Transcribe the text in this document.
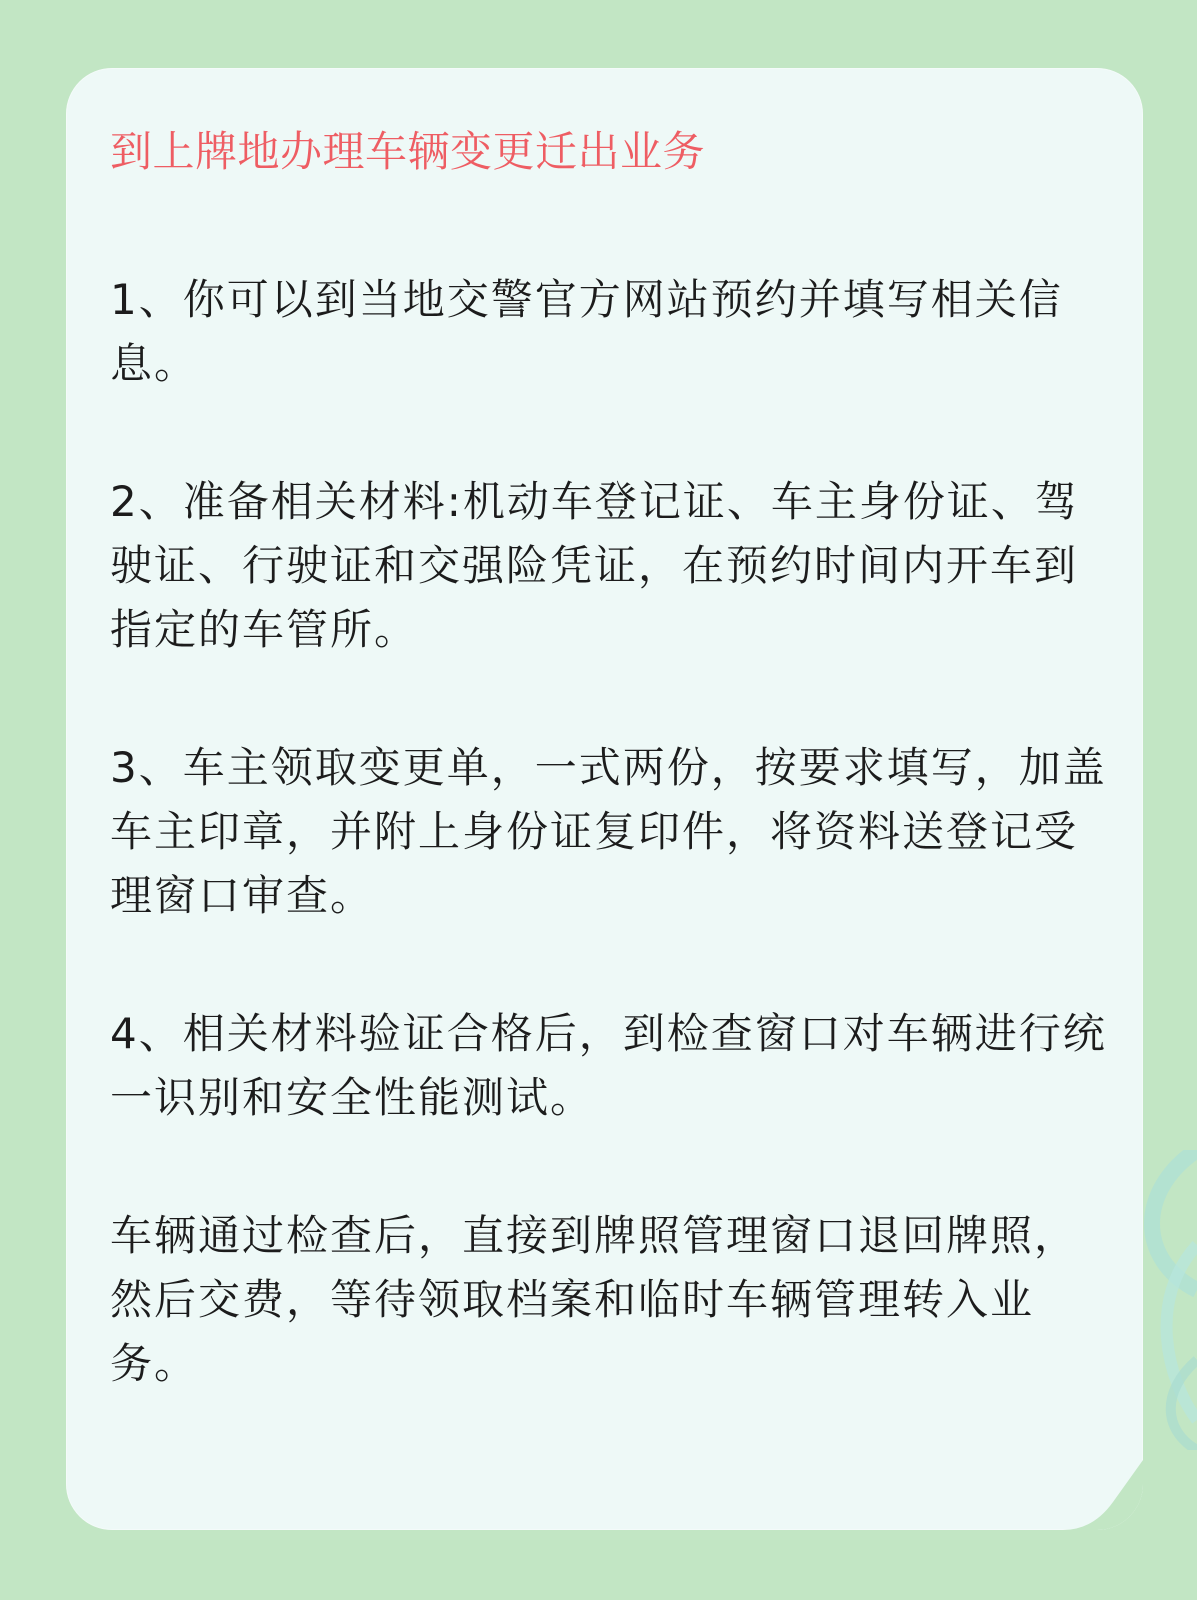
到上牌地办理车辆变更迁出业务

1、你可以到当地交警官方网站预约并填写相关信息。

2、准备相关材料:机动车登记证、车主身份证、驾驶证、行驶证和交强险凭证，在预约时间内开车到指定的车管所。

3、车主领取变更单，一式两份，按要求填写，加盖车主印章，并附上身份证复印件，将资料送登记受理窗口审查。

4、相关材料验证合格后，到检查窗口对车辆进行统一识别和安全性能测试。

车辆通过检查后，直接到牌照管理窗口退回牌照，然后交费，等待领取档案和临时车辆管理转入业务。
